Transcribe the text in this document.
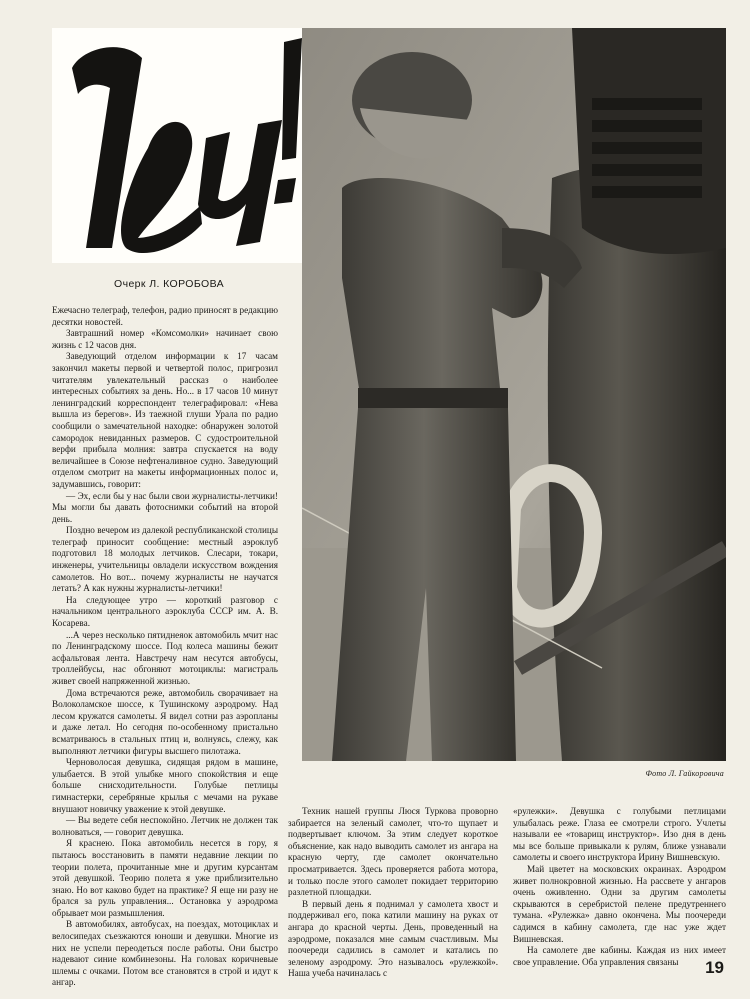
Фото Л. Гайкоровича
Очерк Л. КОРОБОВА

Ежечасно телеграф, телефон, радио приносят в редакцию десятки новостей.

Завтрашний номер «Комсомолки» начинает свою жизнь с 12 часов дня.

Заведующий отделом информации к 17 часам закончил макеты первой и четвертой полос, пригрозил читателям увлекательный рассказ о наиболее интересных событиях за день. Но... в 17 часов 10 минут ленинградский корреспондент телеграфировал: «Нева вышла из берегов». Из таежной глуши Урала по радио сообщили о замечательной находке: обнаружен золотой самородок невиданных размеров. С судостроительной верфи прибыла молния: завтра спускается на воду величайшее в Союзе нефтеналивное судно. Заведующий отделом смотрит на макеты информационных полос и, задумавшись, говорит:

— Эх, если бы у нас были свои журналисты-летчики! Мы могли бы давать фотоснимки событий на второй день.

Поздно вечером из далекой республиканской столицы телеграф приносит сообщение: местный аэроклуб подготовил 18 молодых летчиков. Слесари, токари, инженеры, учительницы овладели искусством вождения самолетов. Но вот... почему журналисты не научатся летать? А как нужны журналисты-летчики!

На следующее утро — короткий разговор с начальником центрального аэроклуба СССР им. А. В. Косарева.

...А через несколько пятиднеяок автомобиль мчит нас по Ленинградскому шоссе. Под колеса машины бежит асфальтовая лента. Навстречу нам несутся автобусы, троллейбусы, нас обгоняют мотоциклы: магистраль живет своей напряженной жизнью.

Дома встречаются реже, автомобиль сворачивает на Волоколамское шоссе, к Тушинскому аэродрому. Над лесом кружатся самолеты. Я видел сотни раз аэропланы и даже летал. Но сегодня по-особенному пристально всматриваюсь в стальных птиц и, волнуясь, слежу, как выполняют летчики фигуры высшего пилотажа.

Черноволосая девушка, сидящая рядом в машине, улыбается. В этой улыбке много спокойствия и еще больше снисходительности. Голубые петлицы гимнастерки, серебряные крылья с мечами на рукаве внушают новичку уважение к этой девушке.

— Вы ведете себя неспокойно. Летчик не должен так волноваться, — говорит девушка.

Я краснею. Пока автомобиль несется в гору, я пытаюсь восстановить в памяти недавние лекции по теории полета, прочитанные мне и другим курсантам этой девушкой. Теорию полета я уже приблизительно знаю. Но вот каково будет на практике? Я еще ни разу не брался за руль управления... Остановка у аэродрома обрывает мои размышления.

В автомобилях, автобусах, на поездах, мотоциклах и велосипедах съезжаются юноши и девушки. Многие из них не успели переодеться после работы. Они быстро надевают синие комбинезоны. На головах коричневые шлемы с очками. Потом все становятся в строй и идут к ангар.

Техник нашей группы Люся Туркова проворно забирается на зеленый самолет, что-то щупает и подвертывает ключом. За этим следует короткое объяснение, как надо выводить самолет из ангара на красную черту, где самолет окончательно просматривается. Здесь проверяется работа мотора, и только после этого самолет покидает территорию разлетной площадки.

В первый день я поднимал у самолета хвост и поддерживал его, пока катили машину на руках от ангара до красной черты. День, проведенный на аэродроме, показался мне самым счастливым. Мы поочереди садились в самолет и катались по зеленому аэродрому. Это называлось «рулежкой». Наша учеба начиналась с

«рулежки». Девушка с голубыми петлицами улыбалась реже. Глаза ее смотрели строго. Учлеты называли ее «товарищ инструктор». Изо дня в день мы все больше привыкали к рулям, ближе узнавали самолеты и своего инструктора Ирину Вишневскую.

Май цветет на московских окраинах. Аэродром живет полнокровной жизнью. На рассвете у ангаров очень оживленно. Одни за другим самолеты скрываются в серебристой пелене предутреннего тумана. «Рулежка» давно окончена. Мы поочереди садимся в кабину самолета, где нас уже ждет Вишневская.

На самолете две кабины. Каждая из них имеет свое управление. Оба управления связаны	19
